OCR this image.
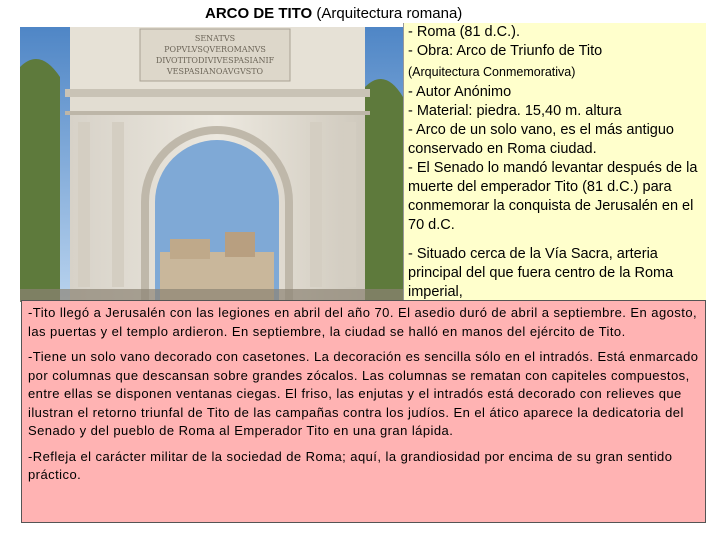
ARCO DE TITO (Arquitectura romana)
SENATVS
POPVLVSQVEROMANVS
DIVOTITODIVIVESPASIANIF
VESPASIANOAVGVSTO

- Roma (81 d.C.).

- Obra: Arco de Triunfo de Tito

(Arquitectura Conmemorativa)

- Autor Anónimo

- Material: piedra. 15,40 m. altura

- Arco de un solo vano, es el más antiguo conservado en Roma ciudad.

- El Senado lo mandó levantar después de la muerte del emperador Tito (81 d.C.) para conmemorar la conquista de Jerusalén en el 70 d.C.

- Situado cerca de la Vía Sacra, arteria principal del que fuera centro de la Roma imperial,

-Tito llegó a Jerusalén con las legiones en abril del año 70. El asedio duró de abril a septiembre. En agosto, las puertas y el templo ardieron. En septiembre, la ciudad se halló en manos del ejército de Tito.

-Tiene un solo vano decorado con casetones. La decoración es sencilla sólo en el intradós. Está enmarcado por columnas que descansan sobre grandes zócalos. Las columnas se rematan con capiteles compuestos, entre ellas se disponen ventanas ciegas. El friso, las enjutas y el intradós está decorado con relieves que ilustran el retorno triunfal de Tito de las campañas contra los judíos. En el ático aparece la dedicatoria del Senado y del pueblo de Roma al Emperador Tito en una gran lápida.

-Refleja el carácter militar de la sociedad de Roma; aquí, la grandiosidad por encima de su gran sentido práctico.
